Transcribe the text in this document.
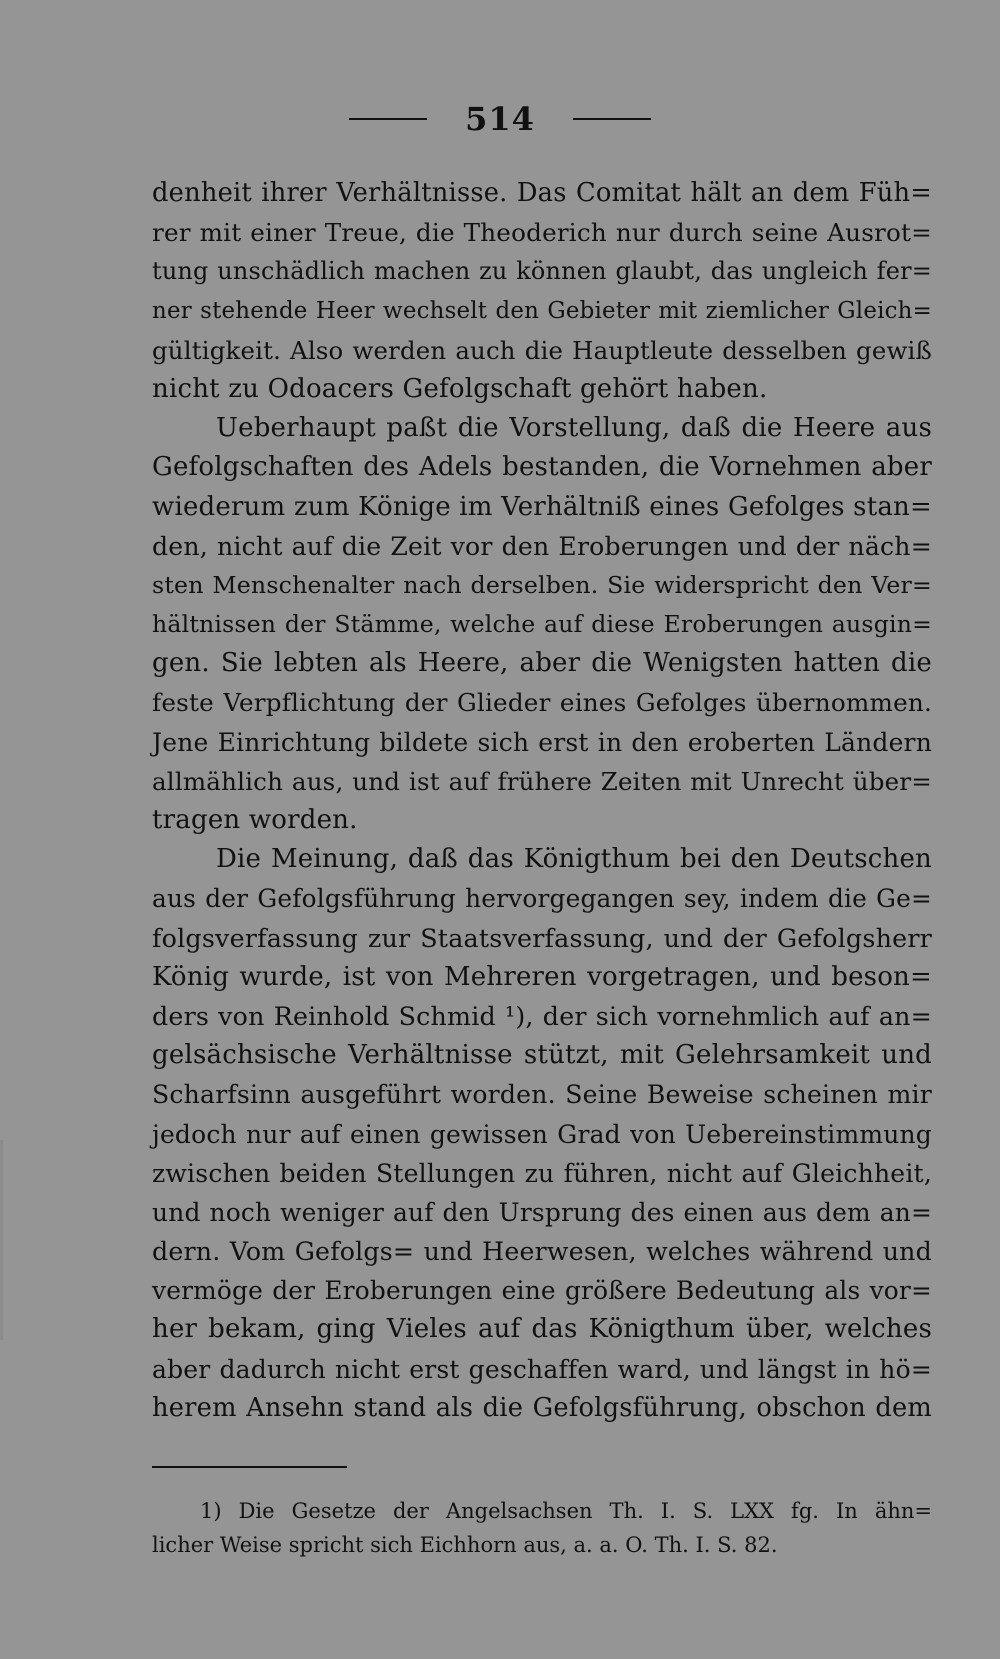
514
denheit ihrer Verhältnisse. Das Comitat hält an dem Füh=
rer mit einer Treue, die Theoderich nur durch seine Ausrot=
tung unschädlich machen zu können glaubt, das ungleich fer=
ner stehende Heer wechselt den Gebieter mit ziemlicher Gleich=
gültigkeit. Also werden auch die Hauptleute desselben gewiß
nicht zu Odoacers Gefolgschaft gehört haben.
Ueberhaupt paßt die Vorstellung, daß die Heere aus
Gefolgschaften des Adels bestanden, die Vornehmen aber
wiederum zum Könige im Verhältniß eines Gefolges stan=
den, nicht auf die Zeit vor den Eroberungen und der näch=
sten Menschenalter nach derselben. Sie widerspricht den Ver=
hältnissen der Stämme, welche auf diese Eroberungen ausgin=
gen. Sie lebten als Heere, aber die Wenigsten hatten die
feste Verpflichtung der Glieder eines Gefolges übernommen.
Jene Einrichtung bildete sich erst in den eroberten Ländern
allmählich aus, und ist auf frühere Zeiten mit Unrecht über=
tragen worden.
Die Meinung, daß das Königthum bei den Deutschen
aus der Gefolgsführung hervorgegangen sey, indem die Ge=
folgsverfassung zur Staatsverfassung, und der Gefolgsherr
König wurde, ist von Mehreren vorgetragen, und beson=
ders von Reinhold Schmid ¹), der sich vornehmlich auf an=
gelsächsische Verhältnisse stützt, mit Gelehrsamkeit und
Scharfsinn ausgeführt worden. Seine Beweise scheinen mir
jedoch nur auf einen gewissen Grad von Uebereinstimmung
zwischen beiden Stellungen zu führen, nicht auf Gleichheit,
und noch weniger auf den Ursprung des einen aus dem an=
dern. Vom Gefolgs= und Heerwesen, welches während und
vermöge der Eroberungen eine größere Bedeutung als vor=
her bekam, ging Vieles auf das Königthum über, welches
aber dadurch nicht erst geschaffen ward, und längst in hö=
herem Ansehn stand als die Gefolgsführung, obschon dem
1) Die Gesetze der Angelsachsen Th. I. S. LXX fg. In ähn=
licher Weise spricht sich Eichhorn aus, a. a. O. Th. I. S. 82.
